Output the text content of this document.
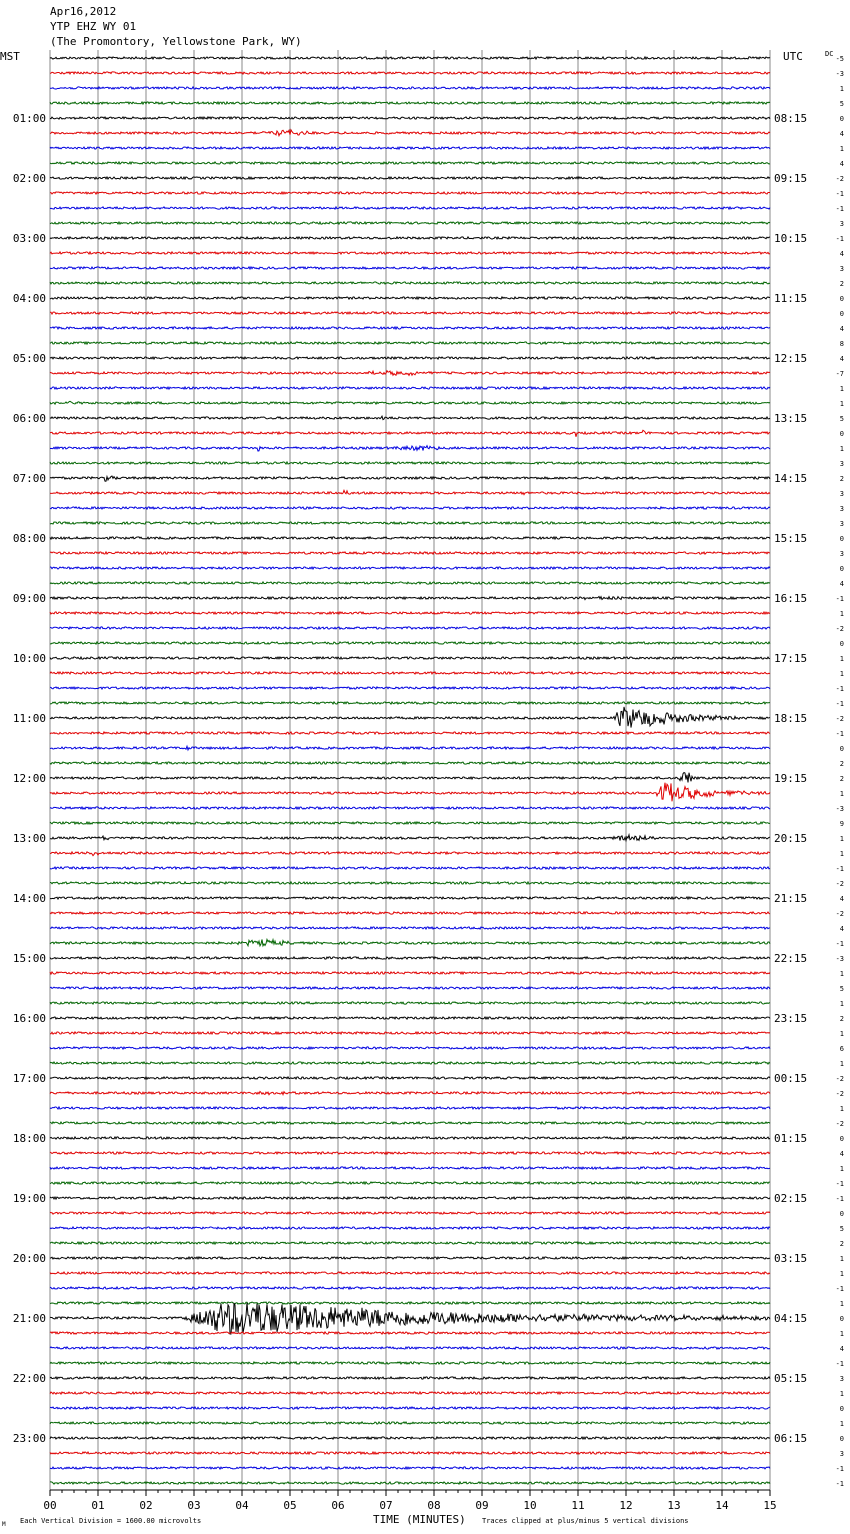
Apr16,2012
YTP EHZ WY 01
(The Promontory, Yellowstone Park, WY)
01:00
02:00
03:00
04:00
05:00
06:00
07:00
08:00
09:00
10:00
11:00
12:00
13:00
14:00
15:00
16:00
17:00
18:00
19:00
20:00
21:00
22:00
23:00
08:15
09:15
10:15
11:15
12:15
13:15
14:15
15:15
16:15
17:15
18:15
19:15
20:15
21:15
22:15
23:15
00:15
01:15
02:15
03:15
04:15
05:15
06:15
-5
-3
1
5
0
4
1
4
-2
-1
-1
3
-1
4
3
2
0
0
4
8
4
-7
1
1
5
0
1
3
2
3
3
3
0
3
0
4
-1
1
-2
0
1
1
-1
-1
-2
-1
0
2
2
1
-3
9
1
1
-1
-2
4
-2
4
-1
-3
1
5
1
2
1
6
1
-2
-2
1
-2
0
4
1
-1
-1
0
5
2
1
1
-1
1
0
1
4
-1
3
1
0
1
0
3
-1
-1
00	01	02	03	04	05	06	07	08	09	10	11	12	13	14	15
MST	UTC	DC
TIME (MINUTES)
Each Vertical Division = 1600.00 microvolts	Traces clipped at plus/minus 5 vertical divisions
M
